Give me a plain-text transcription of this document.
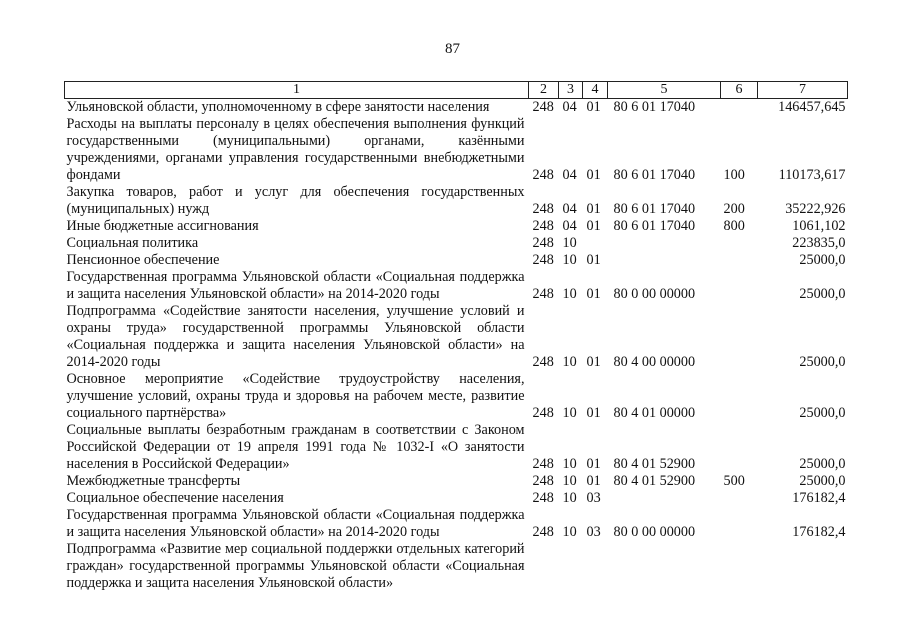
87
1	2	3	4	5	6	7
Ульяновской области, уполномоченному в сфере занятости населения	248	04	01	80 6 01 17040		146457,645
Расходы на выплаты персоналу в целях обеспечения выполнения функций государственными (муниципальными) органами, казёнными учреждениями, органами управления государственными внебюджетными фондами	248	04	01	80 6 01 17040	100	110173,617
Закупка товаров, работ и услуг для обеспечения государственных (муниципальных) нужд	248	04	01	80 6 01 17040	200	35222,926
Иные бюджетные ассигнования	248	04	01	80 6 01 17040	800	1061,102
Социальная политика	248	10				223835,0
Пенсионное обеспечение	248	10	01			25000,0
Государственная программа Ульяновской области «Социальная поддержка и защита населения Ульяновской области» на 2014-2020 годы	248	10	01	80 0 00 00000		25000,0
Подпрограмма «Содействие занятости населения, улучшение условий и охраны труда» государственной программы Ульяновской области «Социальная поддержка и защита населения Ульяновской области» на 2014-2020 годы	248	10	01	80 4 00 00000		25000,0
Основное мероприятие «Содействие трудоустройству населения, улучшение условий, охраны труда и здоровья на рабочем месте, развитие социального партнёрства»	248	10	01	80 4 01 00000		25000,0
Социальные выплаты безработным гражданам в соответствии с Законом Российской Федерации от 19 апреля 1991 года № 1032-I «О занятости населения в Российской Федерации»	248	10	01	80 4 01 52900		25000,0
Межбюджетные трансферты	248	10	01	80 4 01 52900	500	25000,0
Социальное обеспечение населения	248	10	03			176182,4
Государственная программа Ульяновской области «Социальная поддержка и защита населения Ульяновской области» на 2014-2020 годы	248	10	03	80 0 00 00000		176182,4
Подпрограмма «Развитие мер социальной поддержки отдельных категорий граждан» государственной программы Ульяновской области «Социальная поддержка и защита населения Ульяновской области»						
